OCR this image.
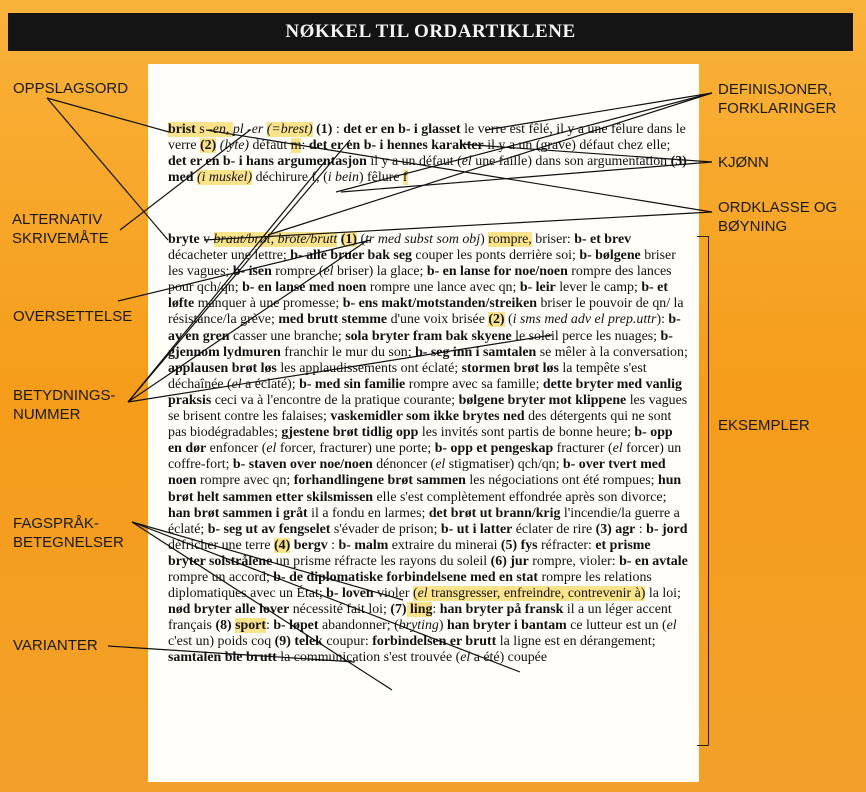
NØKKEL TIL ORDARTIKLENE
brist s -en, pl -er (=brest) (1) : det er en b- i glasset le verre est fêlé, il y a une fêlure dans le verre (2) (lyte) défaut m: det er en b- i hennes karakter il y a un (grave) défaut chez elle; det er en b- i hans argumentasjon il y a un défaut (el une faille) dans son argumentation (3) med (i muskel) déchirure f, (i bein) fêlure f
bryte v braut/brøt, brote/brutt (1) (tr med subst som obj) rompre, briser: b- et brev décacheter une lettre; b- alle bruer bak seg couper les ponts derrière soi; b- bølgene briser les vagues; b- isen rompre (el briser) la glace; b- en lanse for noe/noen rompre des lances pour qch/qn; b- en lanse med noen rompre une lance avec qn; b- leir lever le camp; b- et løfte manquer à une promesse; b- ens makt/motstanden/streiken briser le pouvoir de qn/ la résistance/la grève; med brutt stemme d'une voix brisée (2) (i sms med adv el prep.uttr): b- av en gren casser une branche; sola bryter fram bak skyene le soleil perce les nuages; b- gjennom lydmuren franchir le mur du son; b- seg inn i samtalen se mêler à la conversation; applausen brøt løs les applaudissements ont éclaté; stormen brøt løs la tempête s'est déchaînée (el a éclaté); b- med sin familie rompre avec sa famille; dette bryter med vanlig praksis ceci va à l'encontre de la pratique courante; bølgene bryter mot klippene les vagues se brisent contre les falaises; vaskemidler som ikke brytes ned des détergents qui ne sont pas biodégradables; gjestene brøt tidlig opp les invités sont partis de bonne heure; b- opp en dør enfoncer (el forcer, fracturer) une porte; b- opp et pengeskap fracturer (el forcer) un coffre-fort; b- staven over noe/noen dénoncer (el stigmatiser) qch/qn; b- over tvert med noen rompre avec qn; forhandlingene brøt sammen les négociations ont été rompues; hun brøt helt sammen etter skilsmissen elle s'est complètement effondrée après son divorce; han brøt sammen i gråt il a fondu en larmes; det brøt ut brann/krig l'incendie/la guerre a éclaté; b- seg ut av fengselet s'évader de prison; b- ut i latter éclater de rire (3) agr : b- jord défricher une terre (4) bergv : b- malm extraire du minerai (5) fys réfracter: et prisme bryter solstrålene un prisme réfracte les rayons du soleil (6) jur rompre, violer: b- en avtale rompre un accord; b- de diplomatiske forbindelsene med en stat rompre les relations diplomatiques avec un État; b- loven violer (el transgresser, enfreindre, contrevenir à) la loi; nød bryter alle lover nécessité fait loi; (7) ling: han bryter på fransk il a un léger accent français (8) sport: b- løpet abandonner; (bryting) han bryter i bantam ce lutteur est un (el c'est un) poids coq (9) telek coupur: forbindelsen er brutt la ligne est en dérangement; samtalen ble brutt la communication s'est trouvée (el a été) coupée
OPPSLAGSORD
ALTERNATIV
SKRIVEMÅTE
OVERSETTELSE
BETYDNINGS-
NUMMER
FAGSPRÅK-
BETEGNELSER
VARIANTER
DEFINISJONER,
FORKLARINGER
KJØNN
ORDKLASSE OG
BØYNING
EKSEMPLER
